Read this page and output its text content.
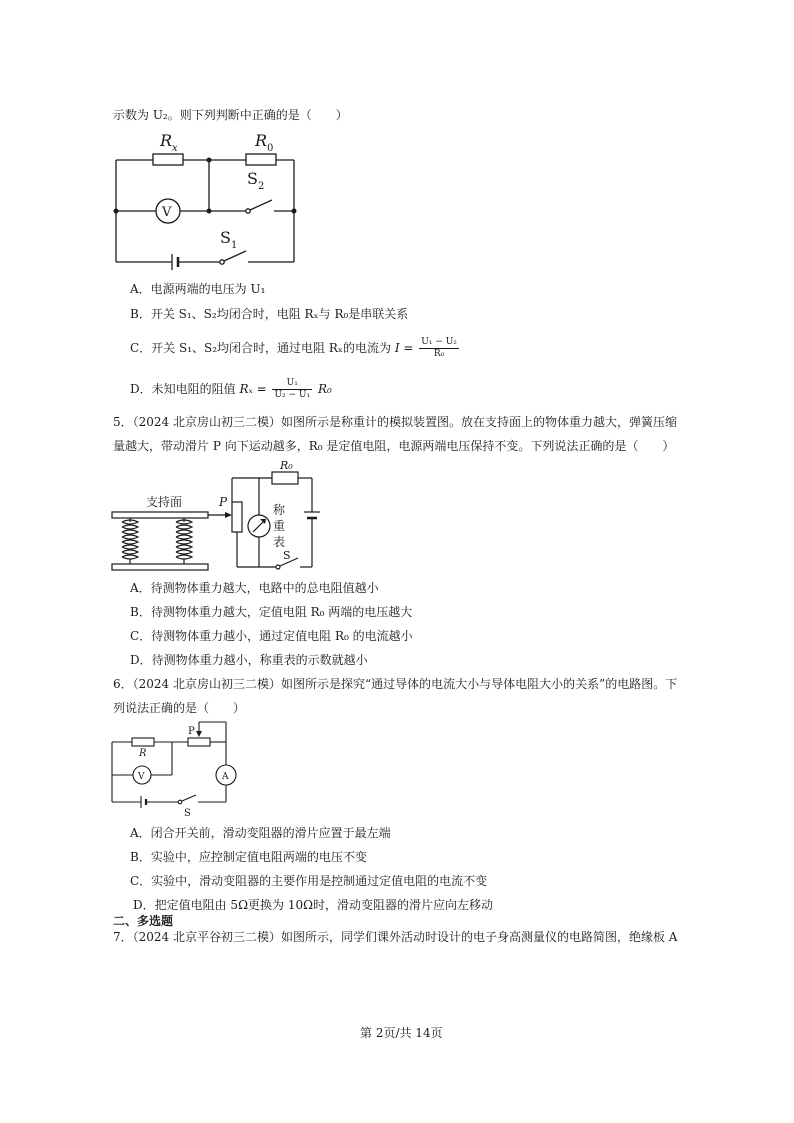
示数为 U₂。则下列判断中正确的是（　　）
$R_x$	$R_0$
$S_2$
$S_1$
V
A．电源两端的电压为 U₁
B．开关 S₁、S₂均闭合时，电阻 Rₓ与 R₀是串联关系
C．开关 S₁、S₂均闭合时，通过电阻 Rₓ的电流为 $I = \frac{\text{U₁ − U₂}}{\text{R₀}}$
D．未知电阻的阻值 $R_x = \frac{\text{U₁}}{\text{U₂ − U₁}} R_0$
5．（2024 北京房山初三二模）如图所示是称重计的模拟装置图。放在支持面上的物体重力越大，弹簧压缩
量越大，带动滑片 P 向下运动越多，R₀ 是定值电阻，电源两端电压保持不变。下列说法正确的是（　　）
支持面	P
R₀
称
重
表
S
A．待测物体重力越大，电路中的总电阻值越小
B．待测物体重力越大，定值电阻 R₀ 两端的电压越大
C．待测物体重力越小，通过定值电阻 R₀ 的电流越小
D．待测物体重力越小，称重表的示数就越小
6．（2024 北京房山初三二模）如图所示是探究“通过导体的电流大小与导体电阻大小的关系”的电路图。下
列说法正确的是（　　）
R
P
V	A
S
A．闭合开关前，滑动变阻器的滑片应置于最左端
B．实验中，应控制定值电阻两端的电压不变
C．实验中，滑动变阻器的主要作用是控制通过定值电阻的电流不变
D．把定值电阻由 5Ω更换为 10Ω时，滑动变阻器的滑片应向左移动
二、多选题
7．（2024 北京平谷初三二模）如图所示，同学们课外活动时设计的电子身高测量仪的电路简图，绝缘板 A
第 2页/共 14页
